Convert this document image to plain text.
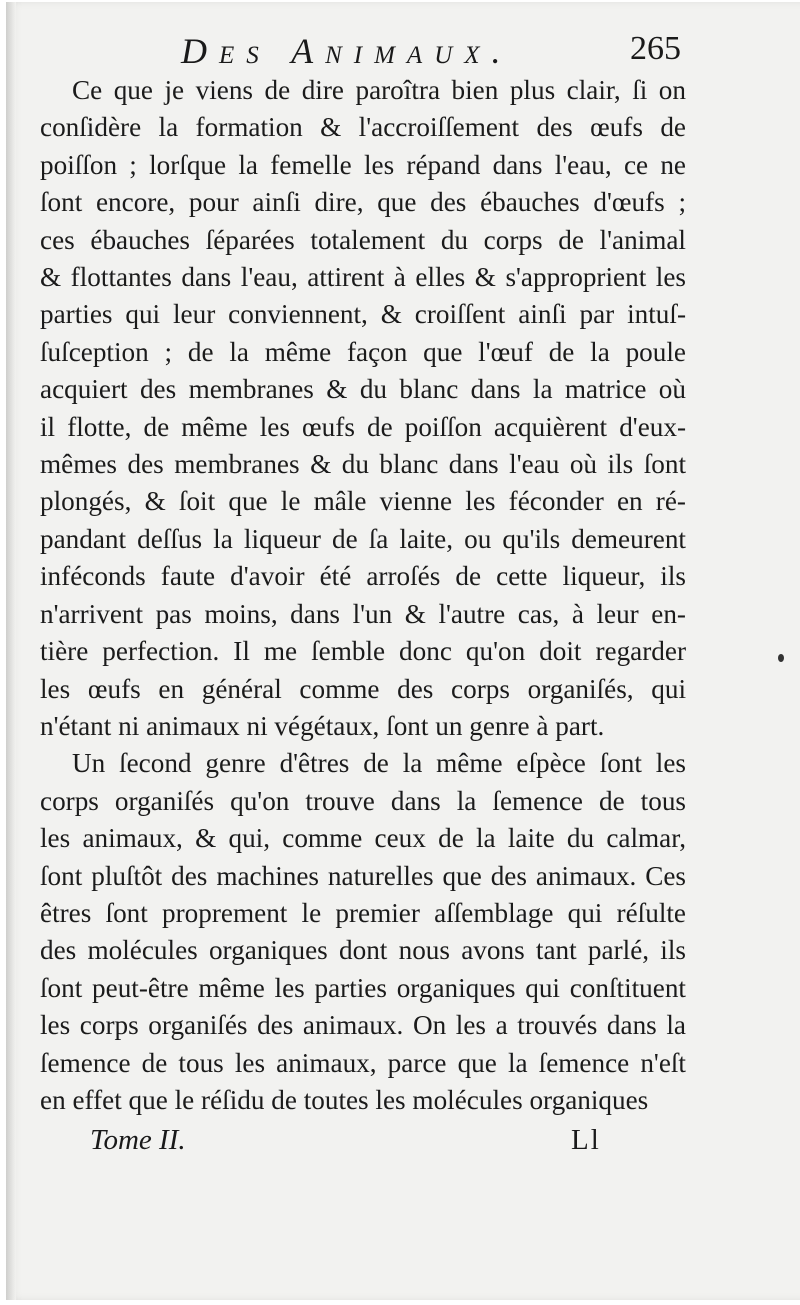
Des Animaux.	265
Ce que je viens de dire paroîtra bien plus clair, ſi on
conſidère la formation & l'accroiſſement des œufs de
poiſſon ; lorſque la femelle les répand dans l'eau, ce ne
ſont encore, pour ainſi dire, que des ébauches d'œufs ;
ces ébauches ſéparées totalement du corps de l'animal
& flottantes dans l'eau, attirent à elles & s'approprient les
parties qui leur conviennent, & croiſſent ainſi par intuſ-
ſuſception ; de la même façon que l'œuf de la poule
acquiert des membranes & du blanc dans la matrice où
il flotte, de même les œufs de poiſſon acquièrent d'eux-
mêmes des membranes & du blanc dans l'eau où ils ſont
plongés, & ſoit que le mâle vienne les féconder en ré-
pandant deſſus la liqueur de ſa laite, ou qu'ils demeurent
inféconds faute d'avoir été arroſés de cette liqueur, ils
n'arrivent pas moins, dans l'un & l'autre cas, à leur en-
tière perfection. Il me ſemble donc qu'on doit regarder
les œufs en général comme des corps organiſés, qui
n'étant ni animaux ni végétaux, ſont un genre à part.
Un ſecond genre d'êtres de la même eſpèce ſont les
corps organiſés qu'on trouve dans la ſemence de tous
les animaux, & qui, comme ceux de la laite du calmar,
ſont pluſtôt des machines naturelles que des animaux. Ces
êtres ſont proprement le premier aſſemblage qui réſulte
des molécules organiques dont nous avons tant parlé, ils
ſont peut-être même les parties organiques qui conſtituent
les corps organiſés des animaux. On les a trouvés dans la
ſemence de tous les animaux, parce que la ſemence n'eſt
en effet que le réſidu de toutes les molécules organiques
Tome II.	Ll
